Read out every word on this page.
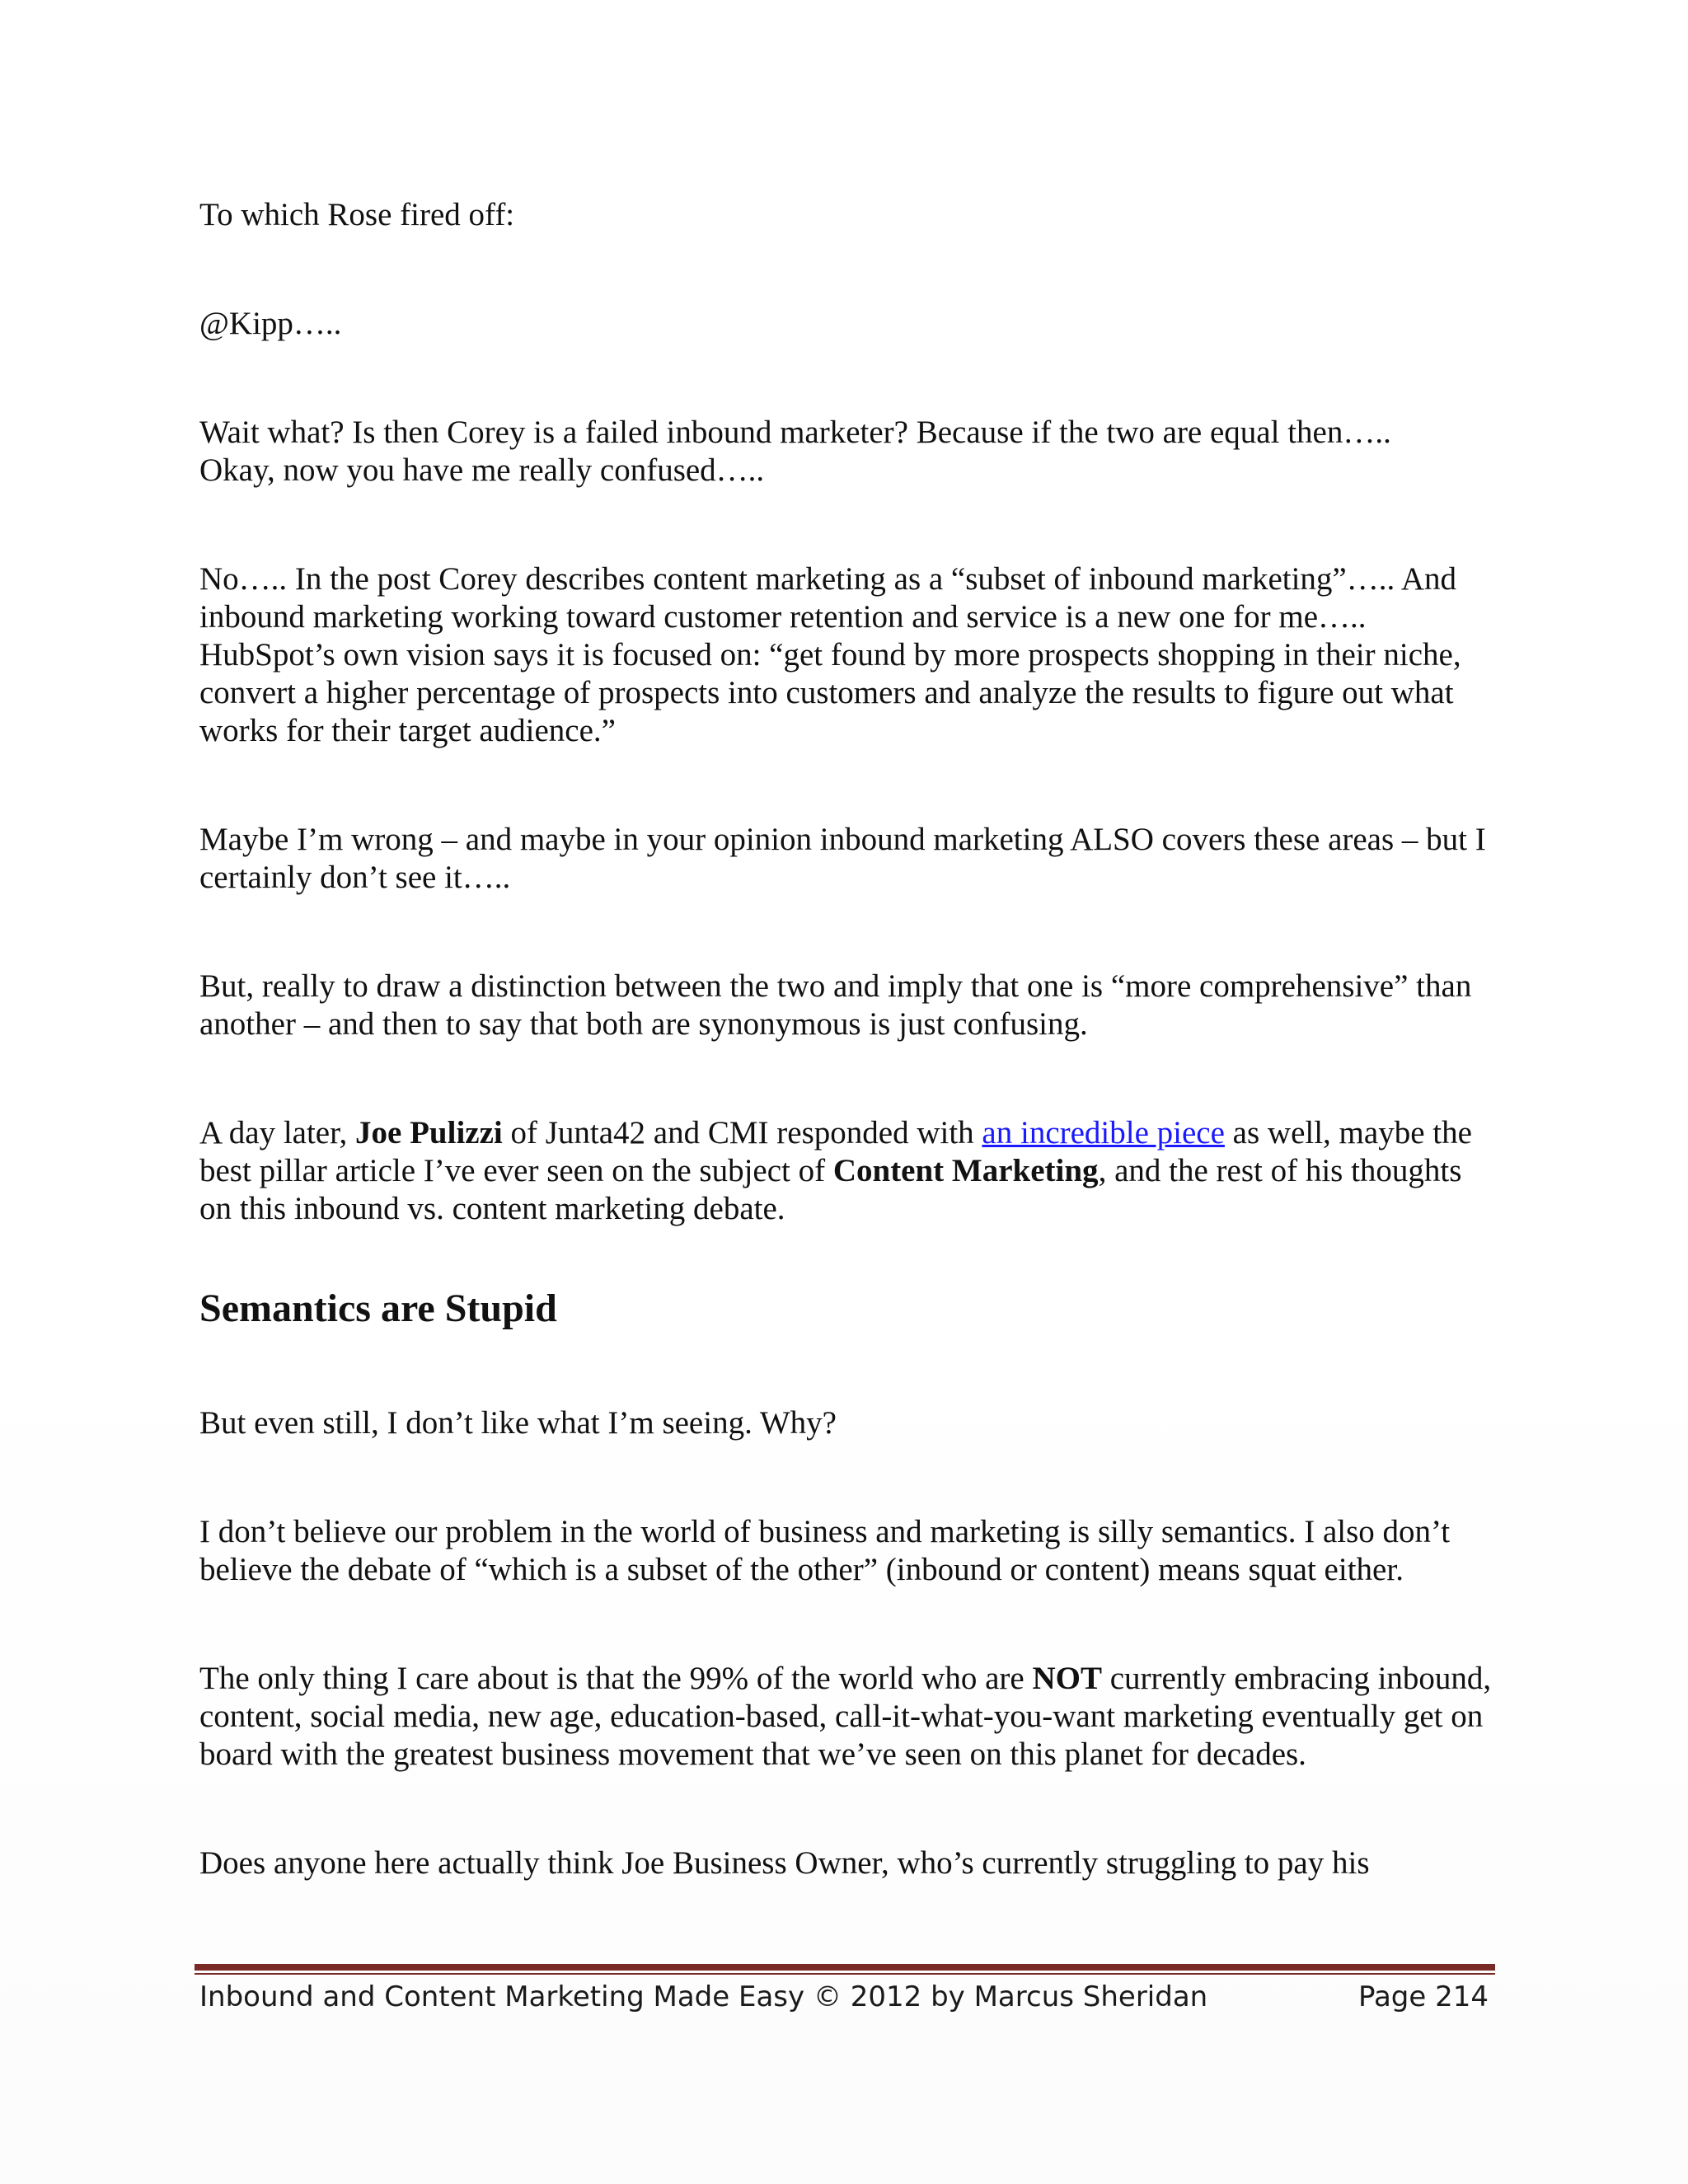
To which Rose fired off:

@Kipp…..

Wait what? Is then Corey is a failed inbound marketer? Because if the two are equal then…..
Okay, now you have me really confused…..

No….. In the post Corey describes content marketing as a “subset of inbound marketing”….. And inbound marketing working toward customer retention and service is a new one for me….. HubSpot’s own vision says it is focused on: “get found by more prospects shopping in their niche, convert a higher percentage of prospects into customers and analyze the results to figure out what works for their target audience.”

Maybe I’m wrong – and maybe in your opinion inbound marketing ALSO covers these areas – but I certainly don’t see it…..

But, really to draw a distinction between the two and imply that one is “more comprehensive” than another – and then to say that both are synonymous is just confusing.

A day later, Joe Pulizzi of Junta42 and CMI responded with an incredible piece as well, maybe the best pillar article I’ve ever seen on the subject of Content Marketing, and the rest of his thoughts on this inbound vs. content marketing debate.

Semantics are Stupid

But even still, I don’t like what I’m seeing. Why?

I don’t believe our problem in the world of business and marketing is silly semantics. I also don’t believe the debate of “which is a subset of the other” (inbound or content) means squat either.

The only thing I care about is that the 99% of the world who are NOT currently embracing inbound, content, social media, new age, education-based, call-it-what-you-want marketing eventually get on board with the greatest business movement that we’ve seen on this planet for decades.

Does anyone here actually think Joe Business Owner, who’s currently struggling to pay his

Inbound and Content Marketing Made Easy © 2012 by Marcus Sheridan	Page 214
